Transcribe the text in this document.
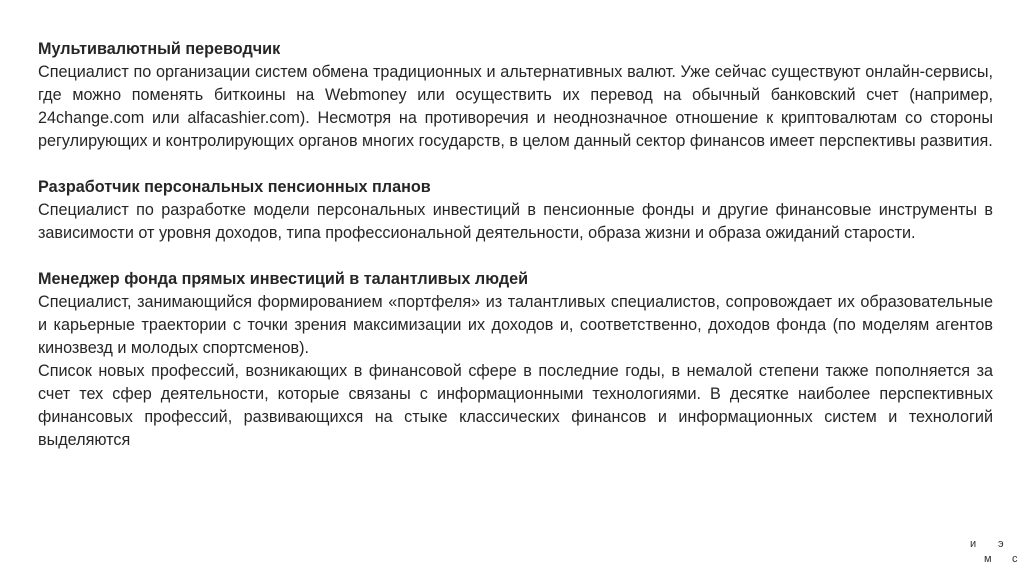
Мультивалютный переводчик

Специалист по организации систем обмена традиционных и альтернативных валют. Уже сейчас существуют онлайн-сервисы, где можно поменять биткоины на Webmoney или осуществить их перевод на обычный банковский счет (например, 24change.com или alfacashier.com). Несмотря на противоречия и неоднозначное отношение к криптовалютам со стороны регулирующих и контролирующих органов многих государств, в целом данный сектор финансов имеет перспективы развития.

Разработчик персональных пенсионных планов

Специалист по разработке модели персональных инвестиций в пенсионные фонды и другие финансовые инструменты в зависимости от уровня доходов, типа профессиональной деятельности, образа жизни и образа ожиданий старости.

Менеджер фонда прямых инвестиций в талантливых людей

Специалист, занимающийся формированием «портфеля» из талантливых специалистов, сопровождает их образовательные и карьерные траектории с точки зрения максимизации их доходов и, соответственно, доходов фонда (по моделям агентов кинозвезд и молодых спортсменов).

Список новых профессий, возникающих в финансовой сфере в последние годы, в немалой степени также пополняется за счет тех сфер деятельности, которые связаны с информационными технологиями. В десятке наиболее перспективных финансовых профессий, развивающихся на стыке классических финансов и информационных систем и технологий выделяются

и
м
э
с
